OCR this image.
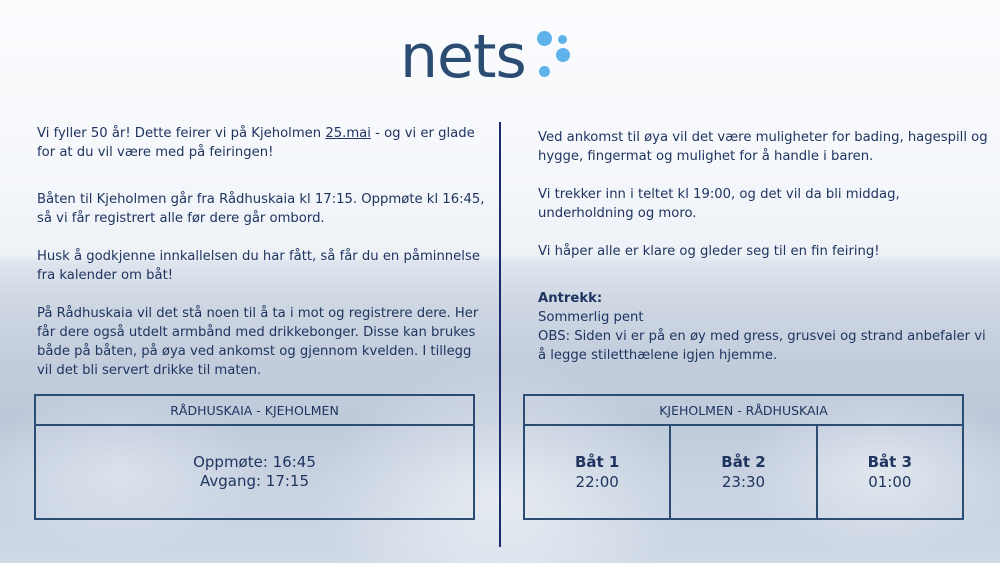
nets

Vi fyller 50 år! Dette feirer vi på Kjeholmen 25.mai - og vi er glade for at du vil være med på feiringen!

Båten til Kjeholmen går fra Rådhuskaia kl 17:15. Oppmøte kl 16:45, så vi får registrert alle før dere går ombord.

Husk å godkjenne innkallelsen du har fått, så får du en påminnelse fra kalender om båt!

På Rådhuskaia vil det stå noen til å ta i mot og registrere dere. Her får dere også utdelt armbånd med drikkebonger. Disse kan brukes både på båten, på øya ved ankomst og gjennom kvelden. I tillegg vil det bli servert drikke til maten.

Ved ankomst til øya vil det være muligheter for bading, hagespill og hygge, fingermat og mulighet for å handle i baren.

Vi trekker inn i teltet kl 19:00, og det vil da bli middag, underholdning og moro.

Vi håper alle er klare og gleder seg til en fin feiring!

Antrekk:
Sommerlig pent
OBS: Siden vi er på en øy med gress, grusvei og strand anbefaler vi å legge stiletthælene igjen hjemme.
RÅDHUSKAIA - KJEHOLMEN
Oppmøte: 16:45
Avgang: 17:15
KJEHOLMEN - RÅDHUSKAIA
Båt 1
22:00
Båt 2
23:30
Båt 3
01:00
